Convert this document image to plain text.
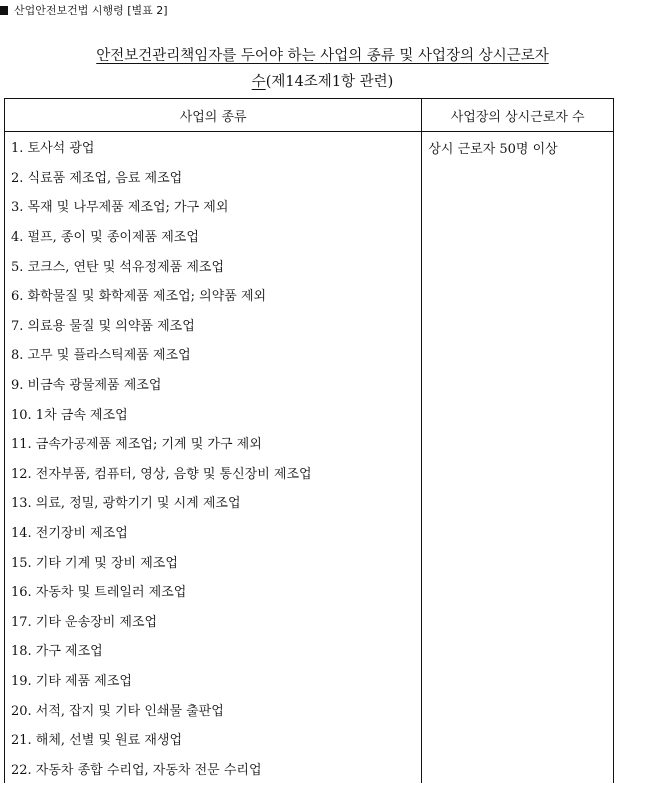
산업안전보건법 시행령 [별표 2]
안전보건관리책임자를 두어야 하는 사업의 종류 및 사업장의 상시근로자
수(제14조제1항 관련)
사업의 종류	사업장의 상시근로자 수
1. 토사석 광업	상시 근로자 50명 이상
2. 식료품 제조업, 음료 제조업	
3. 목재 및 나무제품 제조업; 가구 제외	
4. 펄프, 종이 및 종이제품 제조업	
5. 코크스, 연탄 및 석유정제품 제조업	
6. 화학물질 및 화학제품 제조업; 의약품 제외	
7. 의료용 물질 및 의약품 제조업	
8. 고무 및 플라스틱제품 제조업	
9. 비금속 광물제품 제조업	
10. 1차 금속 제조업	
11. 금속가공제품 제조업; 기계 및 가구 제외	
12. 전자부품, 컴퓨터, 영상, 음향 및 통신장비 제조업	
13. 의료, 정밀, 광학기기 및 시계 제조업	
14. 전기장비 제조업	
15. 기타 기계 및 장비 제조업	
16. 자동차 및 트레일러 제조업	
17. 기타 운송장비 제조업	
18. 가구 제조업	
19. 기타 제품 제조업	
20. 서적, 잡지 및 기타 인쇄물 출판업	
21. 해체, 선별 및 원료 재생업	
22. 자동차 종합 수리업, 자동차 전문 수리업	
